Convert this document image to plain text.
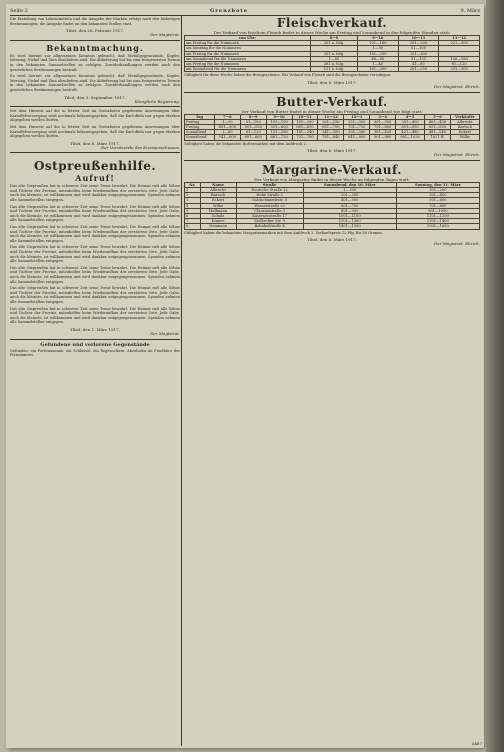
Seite 2	Grenzbote	9. März

Die Einteilung von Lebensmitteln und die Ausgabe der Marken erfolgt nach den bisherigen Bestimmungen; die Ausgabe findet an den bekannten Stellen statt.

Tilsit, den 26. Februar 1917.

Der Magistrat.

Bekanntmachung.

Es wird hiermit zur allgemeinen Kenntnis gebracht, daß Metallgegenstände, Kupfer, Messing, Nickel und Zinn abzuliefern sind. Die Ablieferung hat bis zum festgesetzten Termin in den bekannten Sammelstellen zu erfolgen. Zuwiderhandlungen werden nach den gesetzlichen Bestimmungen bestraft.

Es wird hiermit zur allgemeinen Kenntnis gebracht, daß Metallgegenstände, Kupfer, Messing, Nickel und Zinn abzuliefern sind. Die Ablieferung hat bis zum festgesetzten Termin in den bekannten Sammelstellen zu erfolgen. Zuwiderhandlungen werden nach den gesetzlichen Bestimmungen bestraft.

Tilsit, den 3. September 1917.

Königliche Regierung.

Mit dem Hinweis auf die in letzter Zeit im Grenzboten gegebenen Anweisungen über Kartoffelversorgung wird nochmals bekanntgegeben, daß die Kartoffeln nur gegen Marken abgegeben werden dürfen.

Mit dem Hinweis auf die in letzter Zeit im Grenzboten gegebenen Anweisungen über Kartoffelversorgung wird nochmals bekanntgegeben, daß die Kartoffeln nur gegen Marken abgegeben werden dürfen.

Tilsit, den 6. März 1917.

Der Vorsitzende des Kreisausschusses.

Ostpreußenhilfe.

Aufruf!

Das alte Ostpreußen hat in schwerer Zeit seine Treue bewahrt. Die Heimat ruft alle Söhne und Töchter der Provinz, mitzuhelfen beim Wiederaufbau der zerstörten Orte. Jede Gabe, auch die kleinste, ist willkommen und wird dankbar entgegengenommen. Spenden nehmen alle Sammelstellen entgegen.

Das alte Ostpreußen hat in schwerer Zeit seine Treue bewahrt. Die Heimat ruft alle Söhne und Töchter der Provinz, mitzuhelfen beim Wiederaufbau der zerstörten Orte. Jede Gabe, auch die kleinste, ist willkommen und wird dankbar entgegengenommen. Spenden nehmen alle Sammelstellen entgegen.

Das alte Ostpreußen hat in schwerer Zeit seine Treue bewahrt. Die Heimat ruft alle Söhne und Töchter der Provinz, mitzuhelfen beim Wiederaufbau der zerstörten Orte. Jede Gabe, auch die kleinste, ist willkommen und wird dankbar entgegengenommen. Spenden nehmen alle Sammelstellen entgegen.

Das alte Ostpreußen hat in schwerer Zeit seine Treue bewahrt. Die Heimat ruft alle Söhne und Töchter der Provinz, mitzuhelfen beim Wiederaufbau der zerstörten Orte. Jede Gabe, auch die kleinste, ist willkommen und wird dankbar entgegengenommen. Spenden nehmen alle Sammelstellen entgegen.

Das alte Ostpreußen hat in schwerer Zeit seine Treue bewahrt. Die Heimat ruft alle Söhne und Töchter der Provinz, mitzuhelfen beim Wiederaufbau der zerstörten Orte. Jede Gabe, auch die kleinste, ist willkommen und wird dankbar entgegengenommen. Spenden nehmen alle Sammelstellen entgegen.

Das alte Ostpreußen hat in schwerer Zeit seine Treue bewahrt. Die Heimat ruft alle Söhne und Töchter der Provinz, mitzuhelfen beim Wiederaufbau der zerstörten Orte. Jede Gabe, auch die kleinste, ist willkommen und wird dankbar entgegengenommen. Spenden nehmen alle Sammelstellen entgegen.

Das alte Ostpreußen hat in schwerer Zeit seine Treue bewahrt. Die Heimat ruft alle Söhne und Töchter der Provinz, mitzuhelfen beim Wiederaufbau der zerstörten Orte. Jede Gabe, auch die kleinste, ist willkommen und wird dankbar entgegengenommen. Spenden nehmen alle Sammelstellen entgegen.

Tilsit, den 1. März 1917.

Der Magistrat.

Gefundene und verlorene Gegenstände

Gefunden: ein Portemonnaie, ein Schlüssel, ein Regenschirm. Abzuholen im Fundbüro des Polizeiamtes.

Fleischverkauf.

Der Verkauf von frischem Fleisch findet in dieser Woche am Freitag und Sonnabend in den folgenden Stunden statt:

von Uhr:	8—9	9—10	10—11	11—12
am Freitag für die Nummern	201 a. folg.	101—160	161—200	221—300
am Sonntag für die Nummern		1—50	51—100	
am Freitag für die Nummern	301 a. folg.	151—250	251—300	
am Sonnabend für die Nummern	1—45	46—90	91—135	136—180
am Freitag für die Nummern	261 a. folg.	1—40	41—80	81—120
am Sonnabend für die Nummern	121 a. folg.	161—200	201—250	251—300

Gültigkeit für diese Woche haben die Bezugsscheine. Bei Verkauf von Fleisch sind die Bezugsscheine vorzulegen.

Tilsit, den 8. März 1917.

Der Magistrat. Ehrich.

Butter-Verkauf.

Der Verkauf von Butter findet in dieser Woche am Freitag und Sonnabend wie folgt statt:

Tag	7—8	8—9	9—10	10—11	11—12	12—1	3—4	4—5	5—6	Verkäufer
Freitag	1—50	51—100	101—150	151—200	201—250	251—300	301—350	351—400	401—450	Albrecht
Freitag	451—500	501—550	551—600	601—650	651—700	701—750	751—800	801—850	851—900	Bartsch
Sonnabend	1—60	61—120	121—180	181—240	241—300	301—360	361—420	421—480	481—540	Eckert
Sonnabend	541—600	601—660	661—720	721—780	781—840	841—900	901—960	961—1020	1021 ff.	Wilke

Gültigkeit haben die bekannten Buttermarken mit dem Aufdruck 2.

Tilsit, den 8. März 1917.

Der Magistrat. Ehrich.

Margarine-Verkauf.

Der Verkauf von Margarine findet in dieser Woche an folgenden Tagen statt:

Nr.	Name	Straße	Sonnabend, den 10. März	Sonntag, den 11. März
1	Albrecht	Deutsche Straße 12	1—100	101—200
2	Bartsch	Hohe Straße 5	201—300	301—400
3	Eckert	Goldschmiedestr. 8	401—500	501—600
4	Wilke	Wasserstraße 22	601—700	701—800
5	Hoffmann	Clausiusstraße 3	801—900	901—1000
6	Schulz	Kasernenstraße 17	1001—1100	1101—1200
7	Krause	Stolbecker Str. 9	1201—1300	1301—1400
8	Neumann	Bahnhofstraße 4	1401—1500	1501—1600

Gültigkeit haben die bekannten Margarinemarken mit dem Aufdruck 2. Verkaufspreis 12 Pfg. für 50 Gramm.

Tilsit, den 8. März 1917.

Der Magistrat. Ehrich.

5487
